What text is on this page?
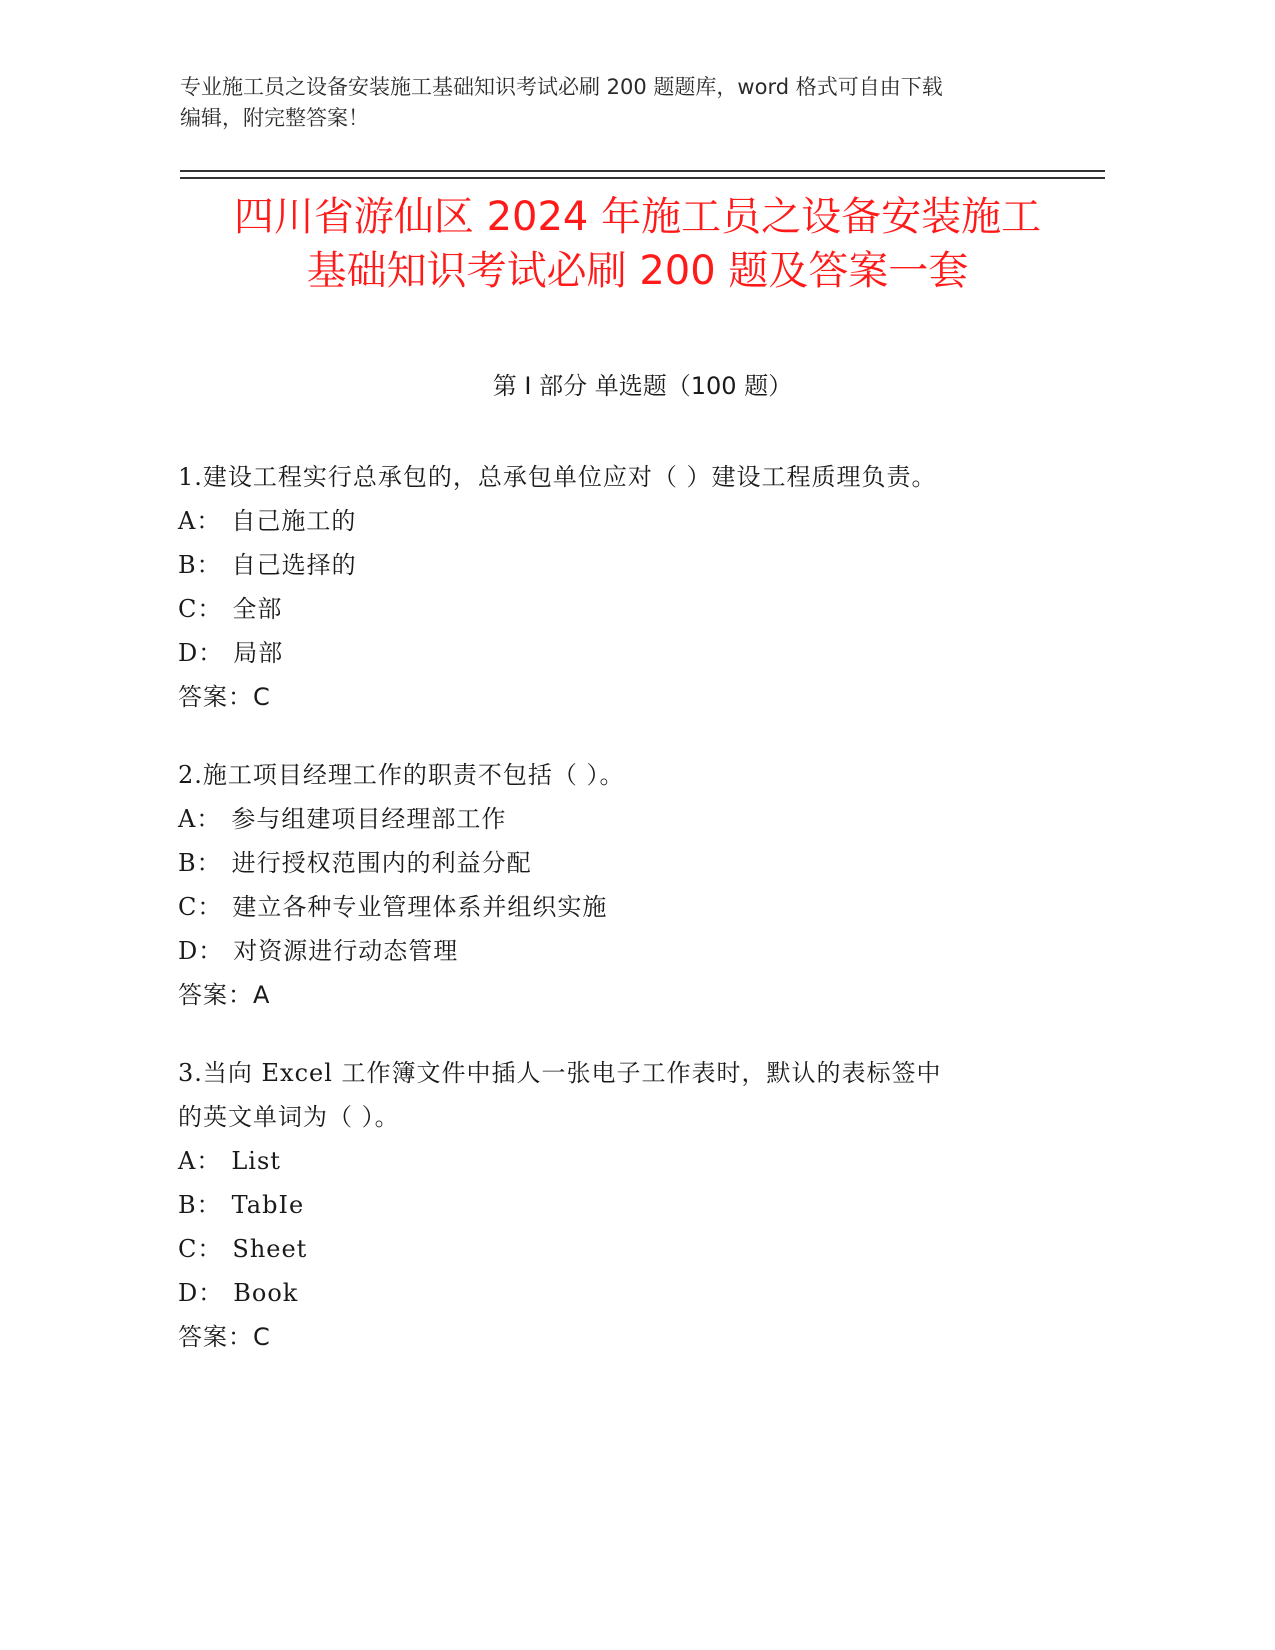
专业施工员之设备安装施工基础知识考试必刷 200 题题库，word 格式可自由下载
编辑，附完整答案！
四川省游仙区 2024 年施工员之设备安装施工
基础知识考试必刷 200 题及答案一套
第 I 部分 单选题（100 题）
1.建设工程实行总承包的，总承包单位应对（ ）建设工程质理负责。
A： 自己施工的
B： 自己选择的
C： 全部
D： 局部
答案：C
2.施工项目经理工作的职责不包括（ ）。
A： 参与组建项目经理部工作
B： 进行授权范围内的利益分配
C： 建立各种专业管理体系并组织实施
D： 对资源进行动态管理
答案：A
3.当向 Excel 工作簿文件中插人一张电子工作表时，默认的表标签中
的英文单词为（ ）。
A： List
B： TabIe
C： Sheet
D： Book
答案：C
